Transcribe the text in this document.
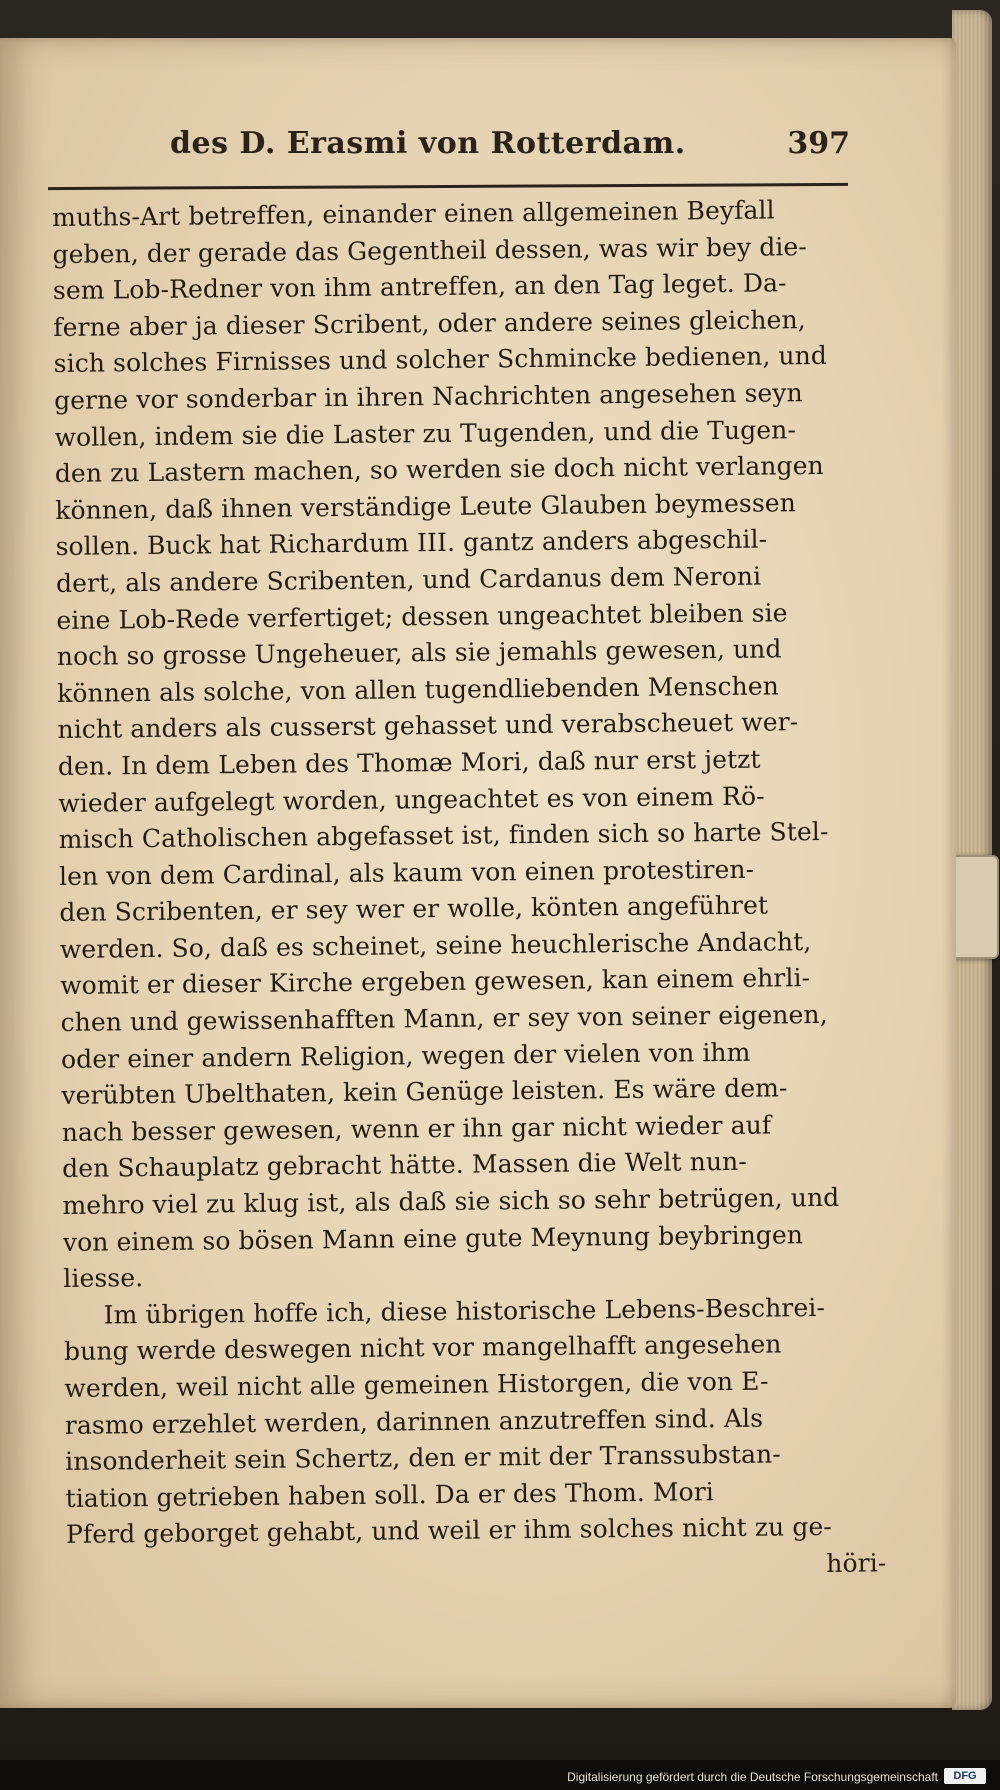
des D. Erasmi von Rotterdam.	397
muths-Art betreffen, einander einen allgemeinen Beyfall
geben, der gerade das Gegentheil dessen, was wir bey die-
sem Lob-Redner von ihm antreffen, an den Tag leget. Da-
ferne aber ja dieser Scribent, oder andere seines gleichen,
sich solches Firnisses und solcher Schmincke bedienen, und
gerne vor sonderbar in ihren Nachrichten angesehen seyn
wollen, indem sie die Laster zu Tugenden, und die Tugen-
den zu Lastern machen, so werden sie doch nicht verlangen
können, daß ihnen verständige Leute Glauben beymessen
sollen. Buck hat Richardum III. gantz anders abgeschil-
dert, als andere Scribenten, und Cardanus dem Neroni
eine Lob-Rede verfertiget; dessen ungeachtet bleiben sie
noch so grosse Ungeheuer, als sie jemahls gewesen, und
können als solche, von allen tugendliebenden Menschen
nicht anders als cusserst gehasset und verabscheuet wer-
den. In dem Leben des Thomæ Mori, daß nur erst jetzt
wieder aufgelegt worden, ungeachtet es von einem Rö-
misch Catholischen abgefasset ist, finden sich so harte Stel-
len von dem Cardinal, als kaum von einen protestiren-
den Scribenten, er sey wer er wolle, könten angeführet
werden. So, daß es scheinet, seine heuchlerische Andacht,
womit er dieser Kirche ergeben gewesen, kan einem ehrli-
chen und gewissenhafften Mann, er sey von seiner eigenen,
oder einer andern Religion, wegen der vielen von ihm
verübten Ubelthaten, kein Genüge leisten. Es wäre dem-
nach besser gewesen, wenn er ihn gar nicht wieder auf
den Schauplatz gebracht hätte. Massen die Welt nun-
mehro viel zu klug ist, als daß sie sich so sehr betrügen, und
von einem so bösen Mann eine gute Meynung beybringen
liesse.
Im übrigen hoffe ich, diese historische Lebens-Beschrei-
bung werde deswegen nicht vor mangelhafft angesehen
werden, weil nicht alle gemeinen Historgen, die von E-
rasmo erzehlet werden, darinnen anzutreffen sind. Als
insonderheit sein Schertz, den er mit der Transsubstan-
tiation getrieben haben soll. Da er des Thom. Mori
Pferd geborget gehabt, und weil er ihm solches nicht zu ge-
höri-
Digitalisierung gefördert durch die Deutsche Forschungsgemeinschaft	DFG
